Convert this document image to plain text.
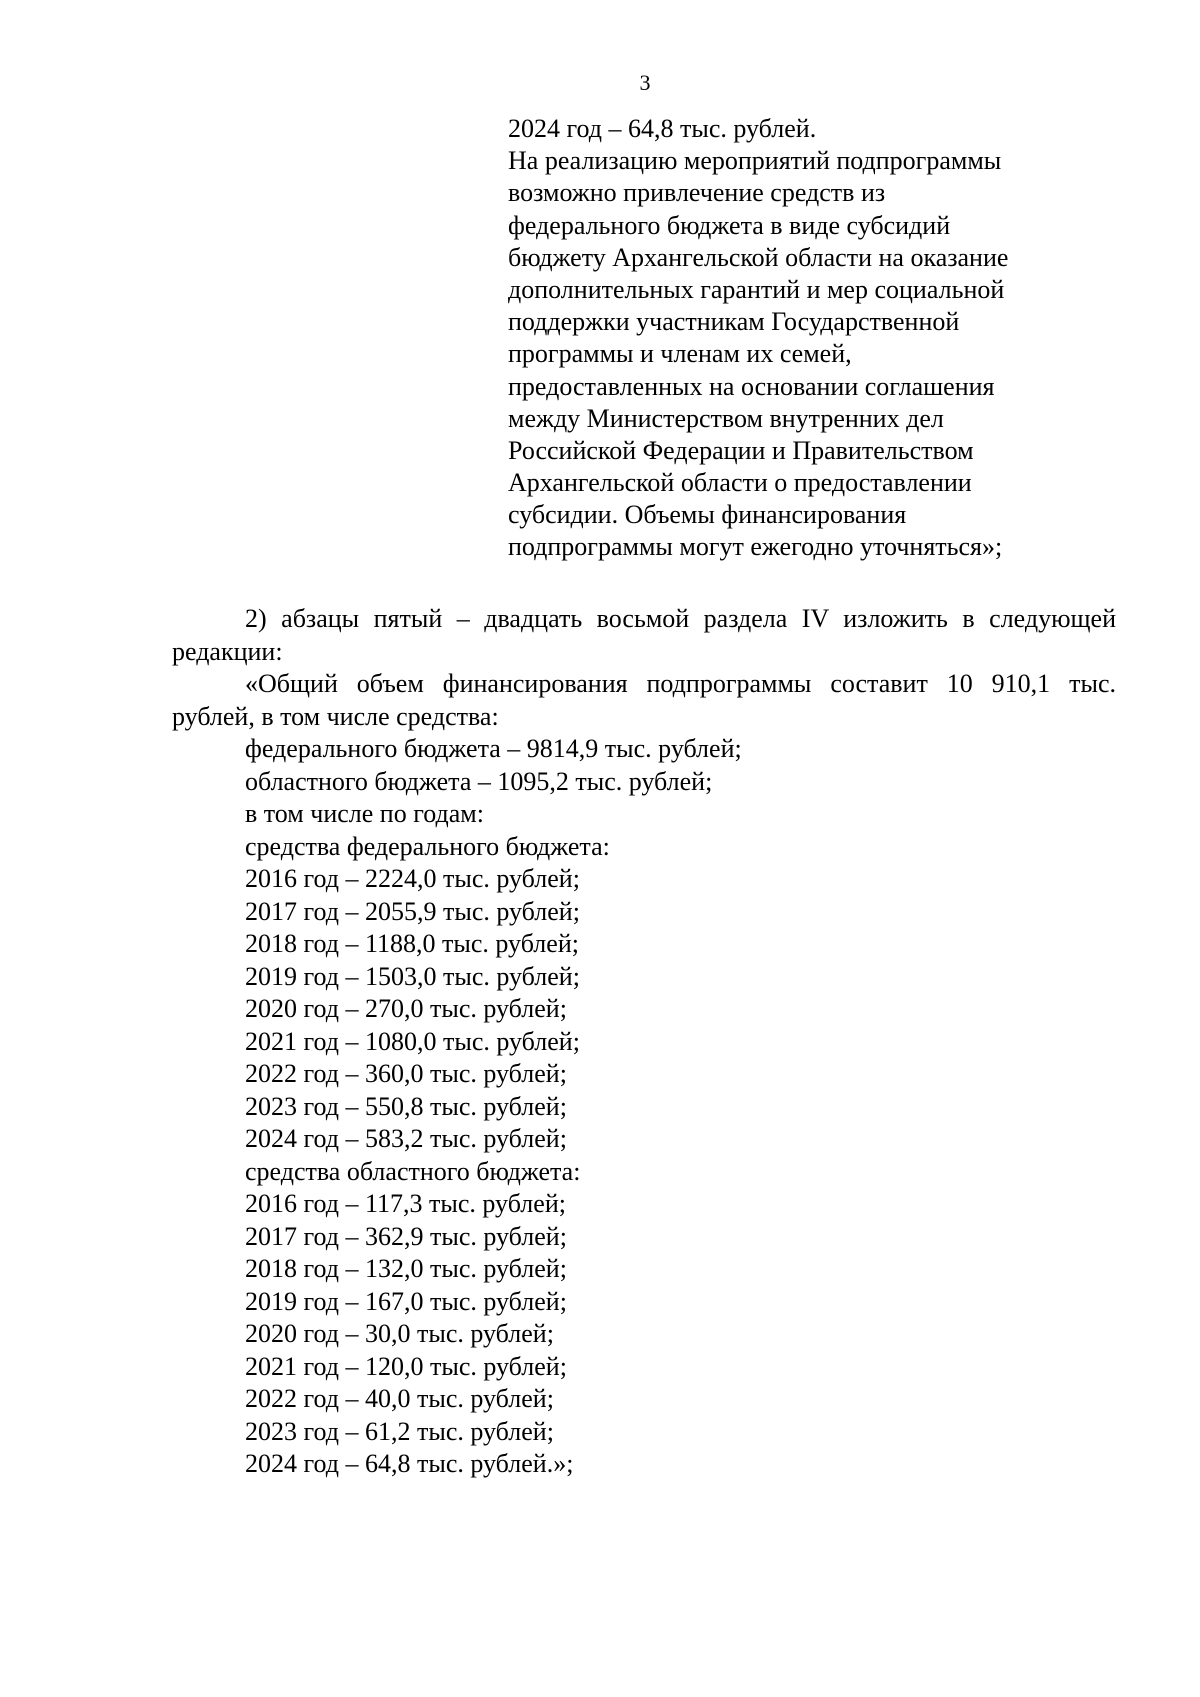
3
2024 год – 64,8 тыс. рублей.
На реализацию мероприятий подпрограммы
возможно привлечение средств из
федерального бюджета в виде субсидий
бюджету Архангельской области на оказание
дополнительных гарантий и мер социальной
поддержки участникам Государственной
программы и членам их семей,
предоставленных на основании соглашения
между Министерством внутренних дел
Российской Федерации и Правительством
Архангельской области о предоставлении
субсидии. Объемы финансирования
подпрограммы могут ежегодно уточняться»;
2) абзацы пятый – двадцать восьмой раздела IV изложить в следующей
редакции:
«Общий объем финансирования подпрограммы составит 10 910,1 тыс.
рублей, в том числе средства:
федерального бюджета – 9814,9 тыс. рублей;
областного бюджета – 1095,2 тыс. рублей;
в том числе по годам:
средства федерального бюджета:
2016 год – 2224,0 тыс. рублей;
2017 год – 2055,9 тыс. рублей;
2018 год – 1188,0 тыс. рублей;
2019 год – 1503,0 тыс. рублей;
2020 год – 270,0 тыс. рублей;
2021 год – 1080,0 тыс. рублей;
2022 год – 360,0 тыс. рублей;
2023 год – 550,8 тыс. рублей;
2024 год – 583,2 тыс. рублей;
средства областного бюджета:
2016 год – 117,3 тыс. рублей;
2017 год – 362,9 тыс. рублей;
2018 год – 132,0 тыс. рублей;
2019 год – 167,0 тыс. рублей;
2020 год – 30,0 тыс. рублей;
2021 год – 120,0 тыс. рублей;
2022 год – 40,0 тыс. рублей;
2023 год – 61,2 тыс. рублей;
2024 год – 64,8 тыс. рублей.»;
